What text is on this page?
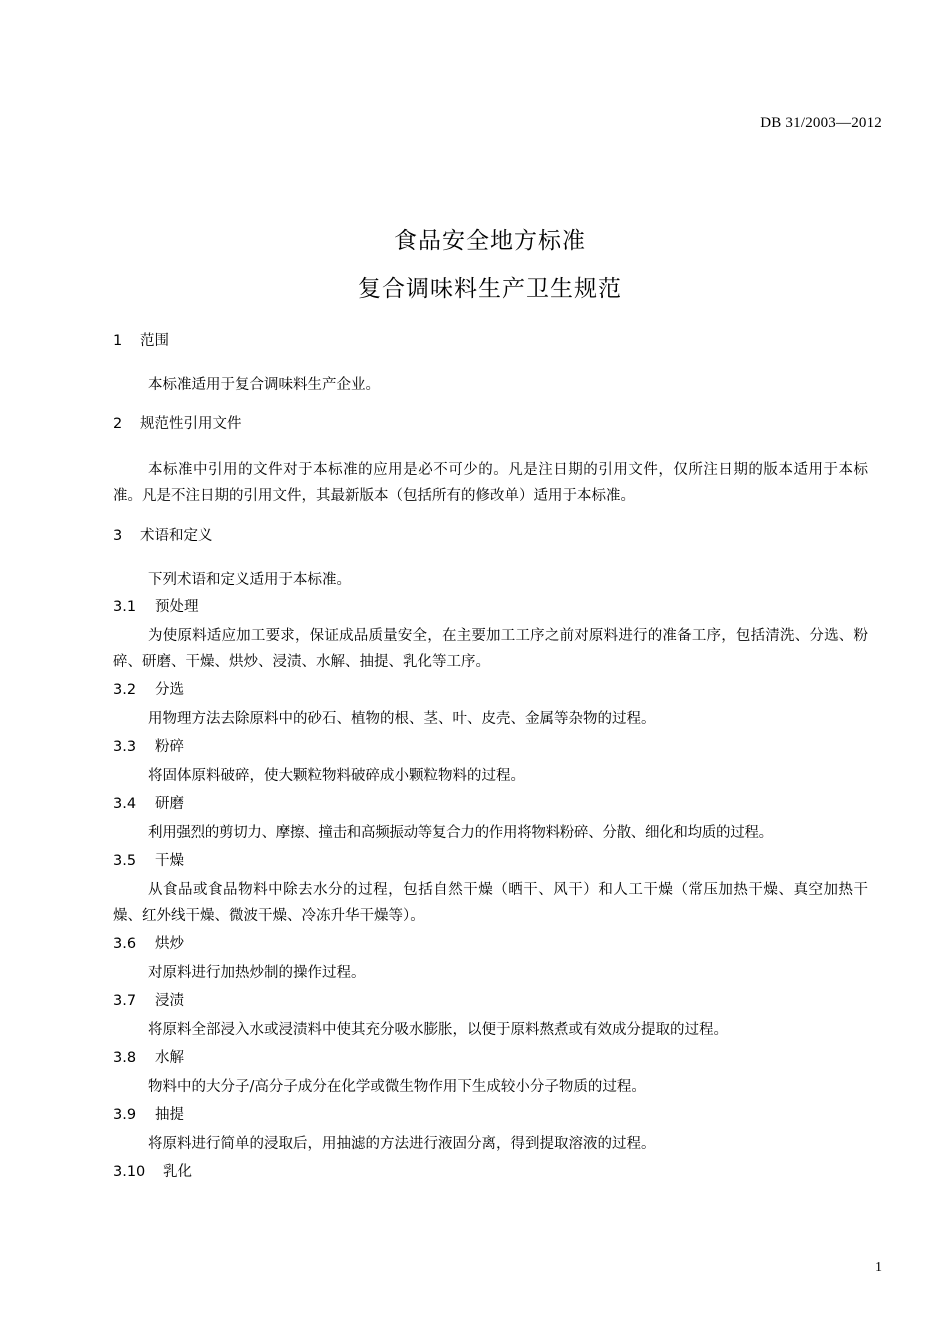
DB 31/2003—2012
食品安全地方标准
复合调味料生产卫生规范
1 范围
本标准适用于复合调味料生产企业。
2 规范性引用文件
本标准中引用的文件对于本标准的应用是必不可少的。凡是注日期的引用文件，仅所注日期的版本适用于本标准。凡是不注日期的引用文件，其最新版本（包括所有的修改单）适用于本标准。
3 术语和定义
下列术语和定义适用于本标准。
3.1 预处理
为使原料适应加工要求，保证成品质量安全，在主要加工工序之前对原料进行的准备工序，包括清洗、分选、粉碎、研磨、干燥、烘炒、浸渍、水解、抽提、乳化等工序。
3.2 分选
用物理方法去除原料中的砂石、植物的根、茎、叶、皮壳、金属等杂物的过程。
3.3 粉碎
将固体原料破碎，使大颗粒物料破碎成小颗粒物料的过程。
3.4 研磨
利用强烈的剪切力、摩擦、撞击和高频振动等复合力的作用将物料粉碎、分散、细化和均质的过程。
3.5 干燥
从食品或食品物料中除去水分的过程，包括自然干燥（晒干、风干）和人工干燥（常压加热干燥、真空加热干燥、红外线干燥、微波干燥、冷冻升华干燥等）。
3.6 烘炒
对原料进行加热炒制的操作过程。
3.7 浸渍
将原料全部浸入水或浸渍料中使其充分吸水膨胀，以便于原料熬煮或有效成分提取的过程。
3.8 水解
物料中的大分子/高分子成分在化学或微生物作用下生成较小分子物质的过程。
3.9 抽提
将原料进行简单的浸取后，用抽滤的方法进行液固分离，得到提取溶液的过程。
3.10 乳化
1
